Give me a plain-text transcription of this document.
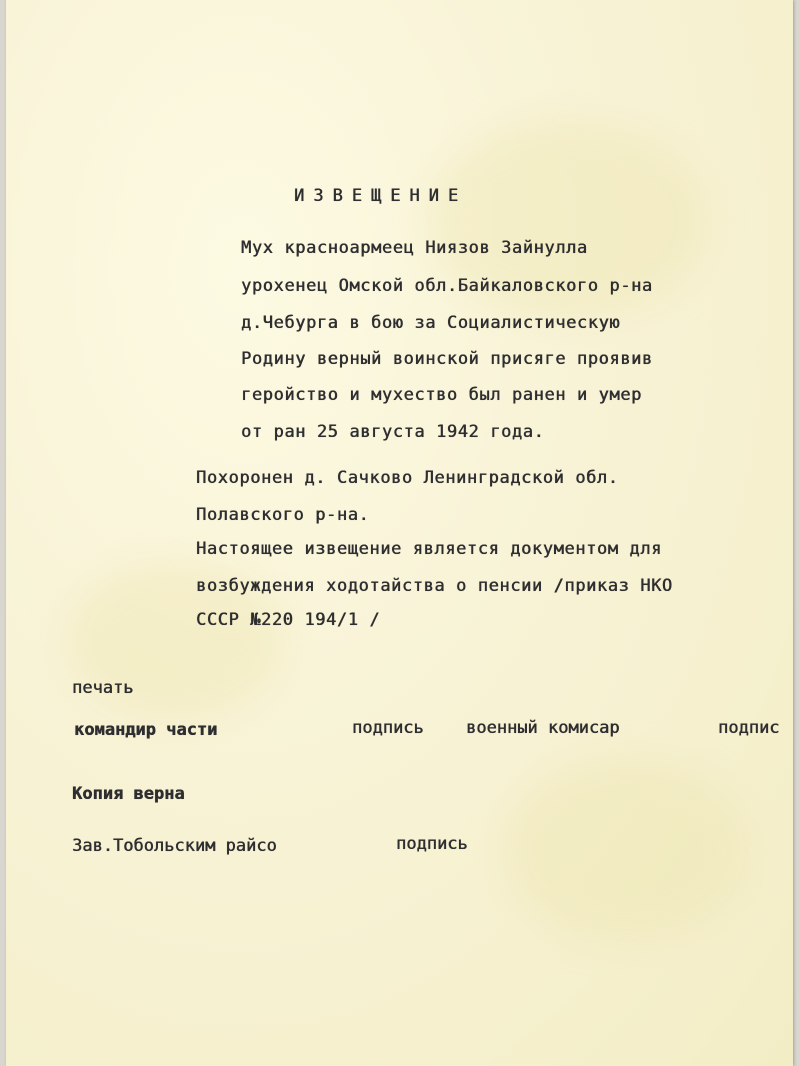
ИЗВЕЩЕНИЕ
Мух красноармеец Ниязов Зайнулла
урохенец Омской обл.Байкаловского р-на
д.Чебурга в бою за Социалистическую
Родину верный воинской присяге проявив
геройство и мухество был ранен и умер
от ран 25 августа 1942 года.
Похоронен д. Сачково Ленинградской обл.
Полавского р-на.
Настоящее извещение является документом для
возбуждения ходотайства о пенсии /приказ НКО
СССР №220 194/1 /
печать
командир части	подпись военный комисар	подпис
Копия верна
Зав.Тобольским райсо	подпись
